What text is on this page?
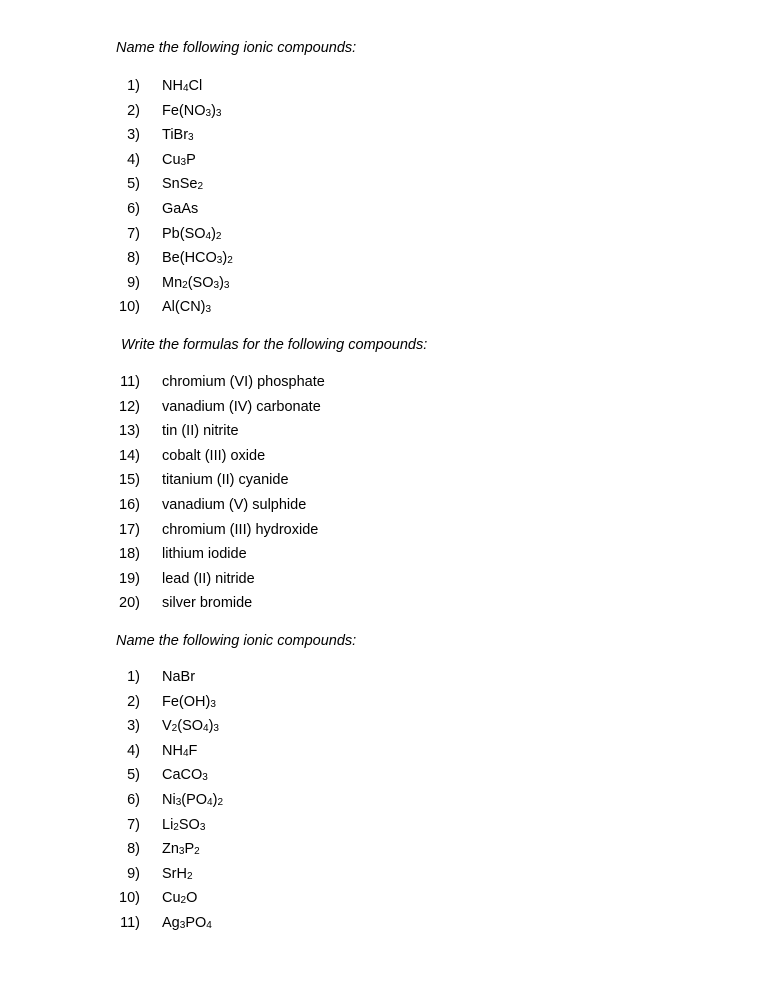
Name the following ionic compounds:
1) $NH_4Cl$
2) $Fe(NO_3)_3$
3) TiBr$_3$
4) $Cu_3P$
5) SnSe$_2$
6) GaAs
7) $Pb(SO_4)_2$
8) $Be(HCO_3)_2$
9) $Mn_2(SO_3)_3$
10) $Al(CN)_3$
Write the formulas for the following compounds:
11) chromium (VI) phosphate
12) vanadium (IV) carbonate
13) tin (II) nitrite
14) cobalt (III) oxide
15) titanium (II) cyanide
16) vanadium (V) sulphide
17) chromium (III) hydroxide
18) lithium iodide
19) lead (II) nitride
20) silver bromide
Name the following ionic compounds:
1) NaBr
2) $Fe(OH)_3$
3) $V_2(SO_4)_3$
4) $NH_4F$
5) CaCO$_3$
6) $Ni_3(PO_4)_2$
7) $Li_2SO_3$
8) $Zn_3P_2$
9) SrH$_2$
10) $Cu_2O$
11) $Ag_3PO_4$
